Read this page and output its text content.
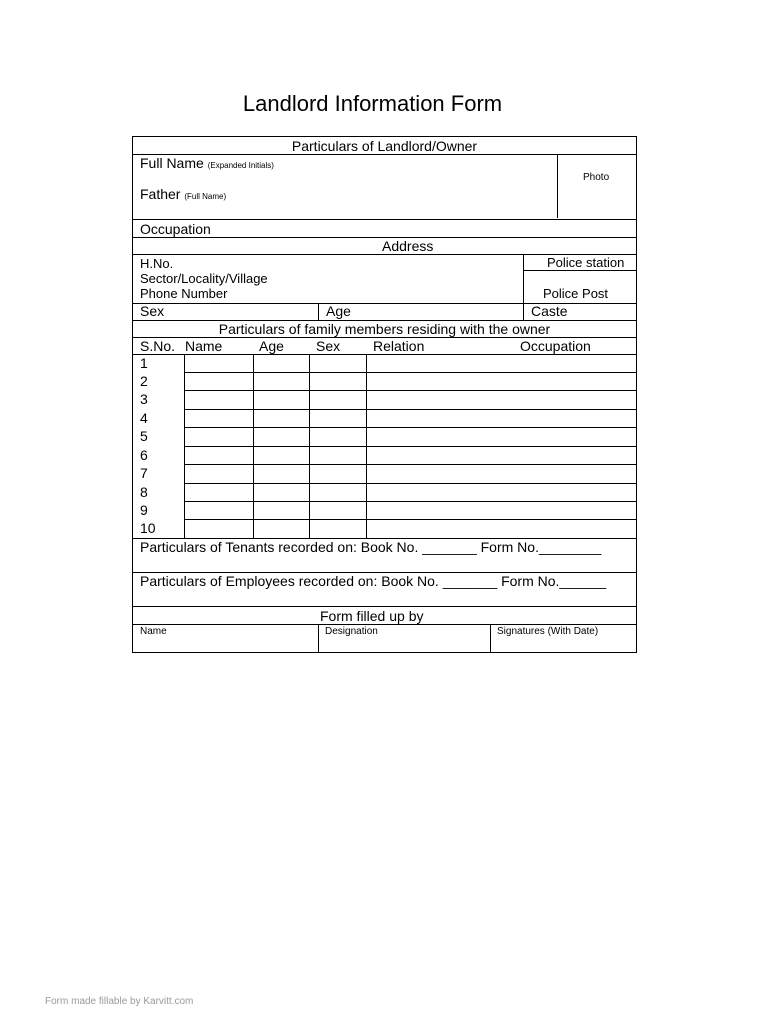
Landlord Information Form
Particulars of Landlord/Owner
Full Name (Expanded Initials)
Father (Full Name)
Photo
Occupation
Address
H.No.
Sector/Locality/Village
Phone Number
Police station
Police Post
Sex	Age	Caste
Particulars of family members residing with the owner
S.No. Name	Age Sex Relation	Occupation
1
2
3
4
5
6
7
8
9
10
Particulars of Tenants recorded on: Book No. _______ Form No.________
Particulars of Employees recorded on: Book No. _______ Form No.______
Form filled up by
Name	Designation	Signatures (With Date)
Form made fillable by Karvitt.com
